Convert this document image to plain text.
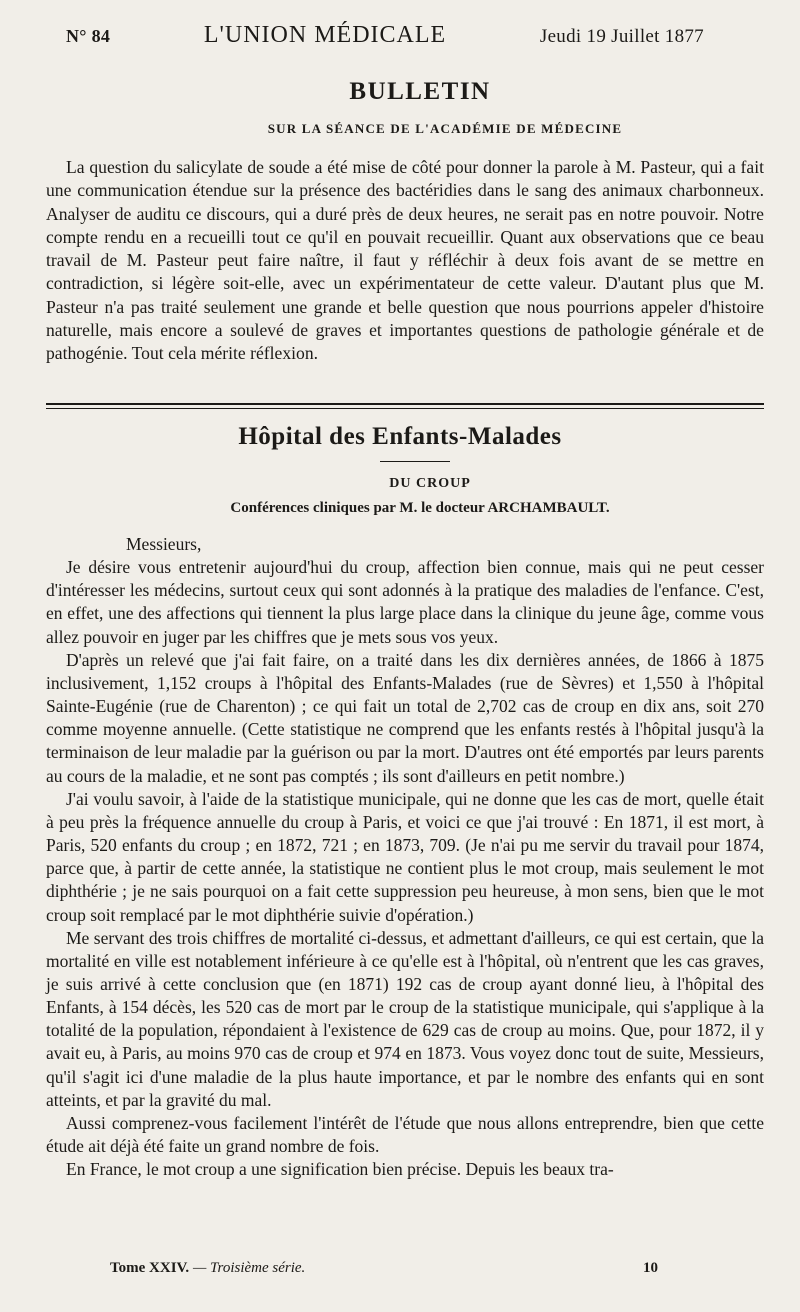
N° 84	L'UNION MÉDICALE	Jeudi 19 Juillet 1877
BULLETIN
SUR LA SÉANCE DE L'ACADÉMIE DE MÉDECINE

La question du salicylate de soude a été mise de côté pour donner la parole à M. Pasteur, qui a fait une communication étendue sur la présence des bactéridies dans le sang des animaux charbonneux. Analyser de auditu ce discours, qui a duré près de deux heures, ne serait pas en notre pouvoir. Notre compte rendu en a recueilli tout ce qu'il en pouvait recueillir. Quant aux observations que ce beau travail de M. Pasteur peut faire naître, il faut y réfléchir à deux fois avant de se mettre en contradiction, si légère soit-elle, avec un expérimentateur de cette valeur. D'autant plus que M. Pasteur n'a pas traité seulement une grande et belle question que nous pourrions appeler d'histoire naturelle, mais encore a soulevé de graves et importantes questions de pathologie générale et de pathogénie. Tout cela mérite réflexion.

Hôpital des Enfants-Malades
DU CROUP
Conférences cliniques par M. le docteur ARCHAMBAULT.

Messieurs,

Je désire vous entretenir aujourd'hui du croup, affection bien connue, mais qui ne peut cesser d'intéresser les médecins, surtout ceux qui sont adonnés à la pratique des maladies de l'enfance. C'est, en effet, une des affections qui tiennent la plus large place dans la clinique du jeune âge, comme vous allez pouvoir en juger par les chiffres que je mets sous vos yeux.

D'après un relevé que j'ai fait faire, on a traité dans les dix dernières années, de 1866 à 1875 inclusivement, 1,152 croups à l'hôpital des Enfants-Malades (rue de Sèvres) et 1,550 à l'hôpital Sainte-Eugénie (rue de Charenton) ; ce qui fait un total de 2,702 cas de croup en dix ans, soit 270 comme moyenne annuelle. (Cette statistique ne comprend que les enfants restés à l'hôpital jusqu'à la terminaison de leur maladie par la guérison ou par la mort. D'autres ont été emportés par leurs parents au cours de la maladie, et ne sont pas comptés ; ils sont d'ailleurs en petit nombre.)

J'ai voulu savoir, à l'aide de la statistique municipale, qui ne donne que les cas de mort, quelle était à peu près la fréquence annuelle du croup à Paris, et voici ce que j'ai trouvé : En 1871, il est mort, à Paris, 520 enfants du croup ; en 1872, 721 ; en 1873, 709. (Je n'ai pu me servir du travail pour 1874, parce que, à partir de cette année, la statistique ne contient plus le mot croup, mais seulement le mot diphthérie ; je ne sais pourquoi on a fait cette suppression peu heureuse, à mon sens, bien que le mot croup soit remplacé par le mot diphthérie suivie d'opération.)

Me servant des trois chiffres de mortalité ci-dessus, et admettant d'ailleurs, ce qui est certain, que la mortalité en ville est notablement inférieure à ce qu'elle est à l'hôpital, où n'entrent que les cas graves, je suis arrivé à cette conclusion que (en 1871) 192 cas de croup ayant donné lieu, à l'hôpital des Enfants, à 154 décès, les 520 cas de mort par le croup de la statistique municipale, qui s'applique à la totalité de la population, répondaient à l'existence de 629 cas de croup au moins. Que, pour 1872, il y avait eu, à Paris, au moins 970 cas de croup et 974 en 1873. Vous voyez donc tout de suite, Messieurs, qu'il s'agit ici d'une maladie de la plus haute importance, et par le nombre des enfants qui en sont atteints, et par la gravité du mal.

Aussi comprenez-vous facilement l'intérêt de l'étude que nous allons entreprendre, bien que cette étude ait déjà été faite un grand nombre de fois.

En France, le mot croup a une signification bien précise. Depuis les beaux tra-

Tome XXIV. — Troisième série.	10
